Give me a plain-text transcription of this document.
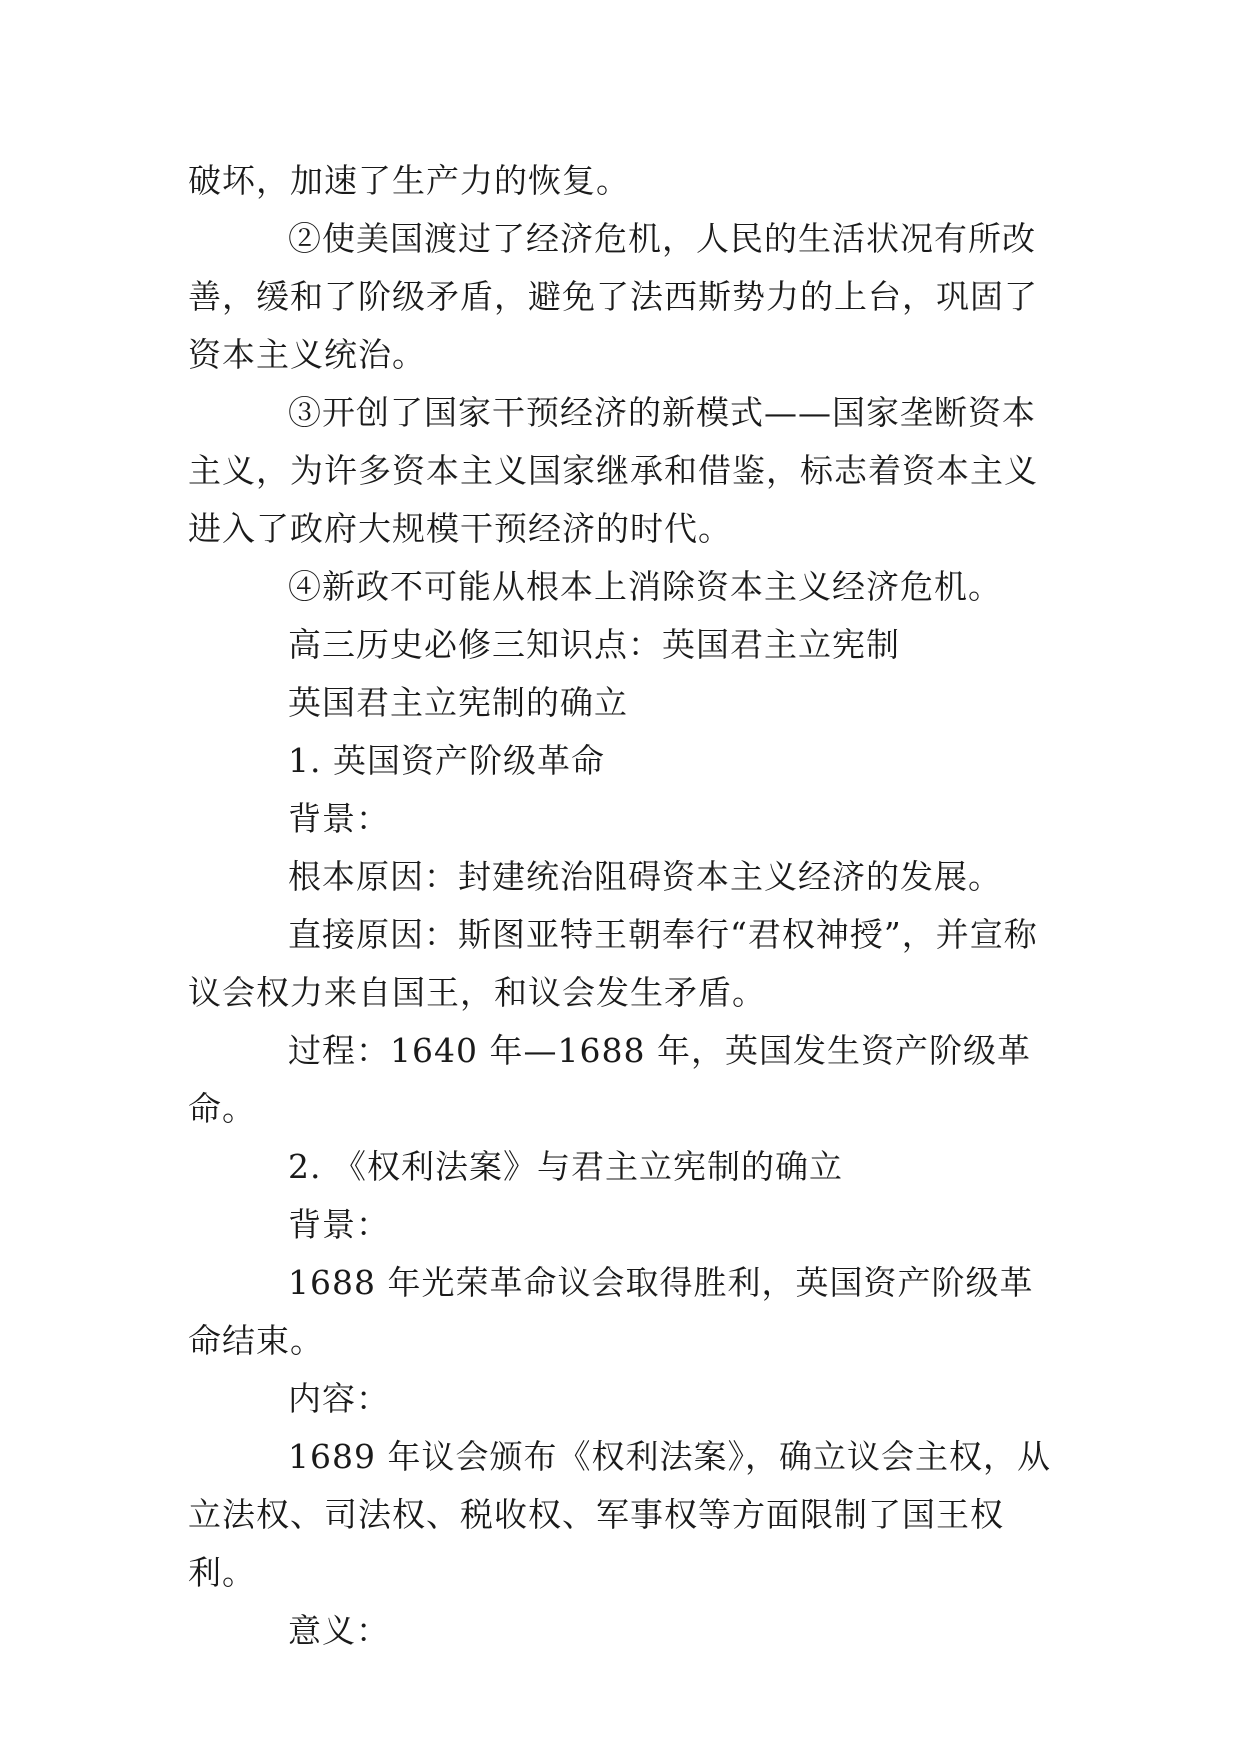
破坏，加速了生产力的恢复。

②使美国渡过了经济危机，人民的生活状况有所改善，缓和了阶级矛盾，避免了法西斯势力的上台，巩固了资本主义统治。

③开创了国家干预经济的新模式——国家垄断资本主义，为许多资本主义国家继承和借鉴，标志着资本主义进入了政府大规模干预经济的时代。

④新政不可能从根本上消除资本主义经济危机。

高三历史必修三知识点：英国君主立宪制

英国君主立宪制的确立

1. 英国资产阶级革命

背景：

根本原因：封建统治阻碍资本主义经济的发展。

直接原因：斯图亚特王朝奉行“君权神授”，并宣称议会权力来自国王，和议会发生矛盾。

过程：1640 年—1688 年，英国发生资产阶级革命。

2. 《权利法案》与君主立宪制的确立

背景：

1688 年光荣革命议会取得胜利，英国资产阶级革命结束。

内容：

1689 年议会颁布《权利法案》，确立议会主权，从立法权、司法权、税收权、军事权等方面限制了国王权利。

意义：
